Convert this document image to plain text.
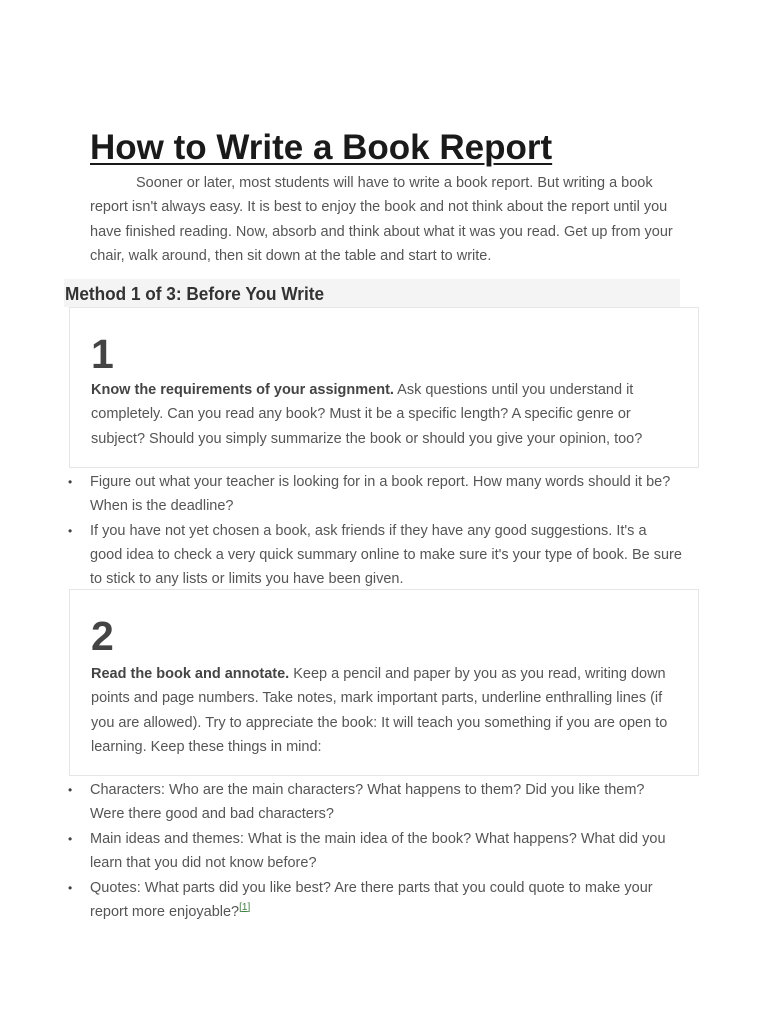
How to Write a Book Report

Sooner or later, most students will have to write a book report. But writing a book report isn't always easy. It is best to enjoy the book and not think about the report until you have finished reading. Now, absorb and think about what it was you read. Get up from your chair, walk around, then sit down at the table and start to write.

Method 1 of 3: Before You Write
1

Know the requirements of your assignment. Ask questions until you understand it completely. Can you read any book? Must it be a specific length? A specific genre or subject? Should you simply summarize the book or should you give your opinion, too?

• Figure out what your teacher is looking for in a book report. How many words should it be? When is the deadline?
• If you have not yet chosen a book, ask friends if they have any good suggestions. It's a good idea to check a very quick summary online to make sure it's your type of book. Be sure to stick to any lists or limits you have been given.
2

Read the book and annotate. Keep a pencil and paper by you as you read, writing down points and page numbers. Take notes, mark important parts, underline enthralling lines (if you are allowed). Try to appreciate the book: It will teach you something if you are open to learning. Keep these things in mind:

• Characters: Who are the main characters? What happens to them? Did you like them? Were there good and bad characters?
• Main ideas and themes: What is the main idea of the book? What happens? What did you learn that you did not know before?
• Quotes: What parts did you like best? Are there parts that you could quote to make your report more enjoyable?[1]
